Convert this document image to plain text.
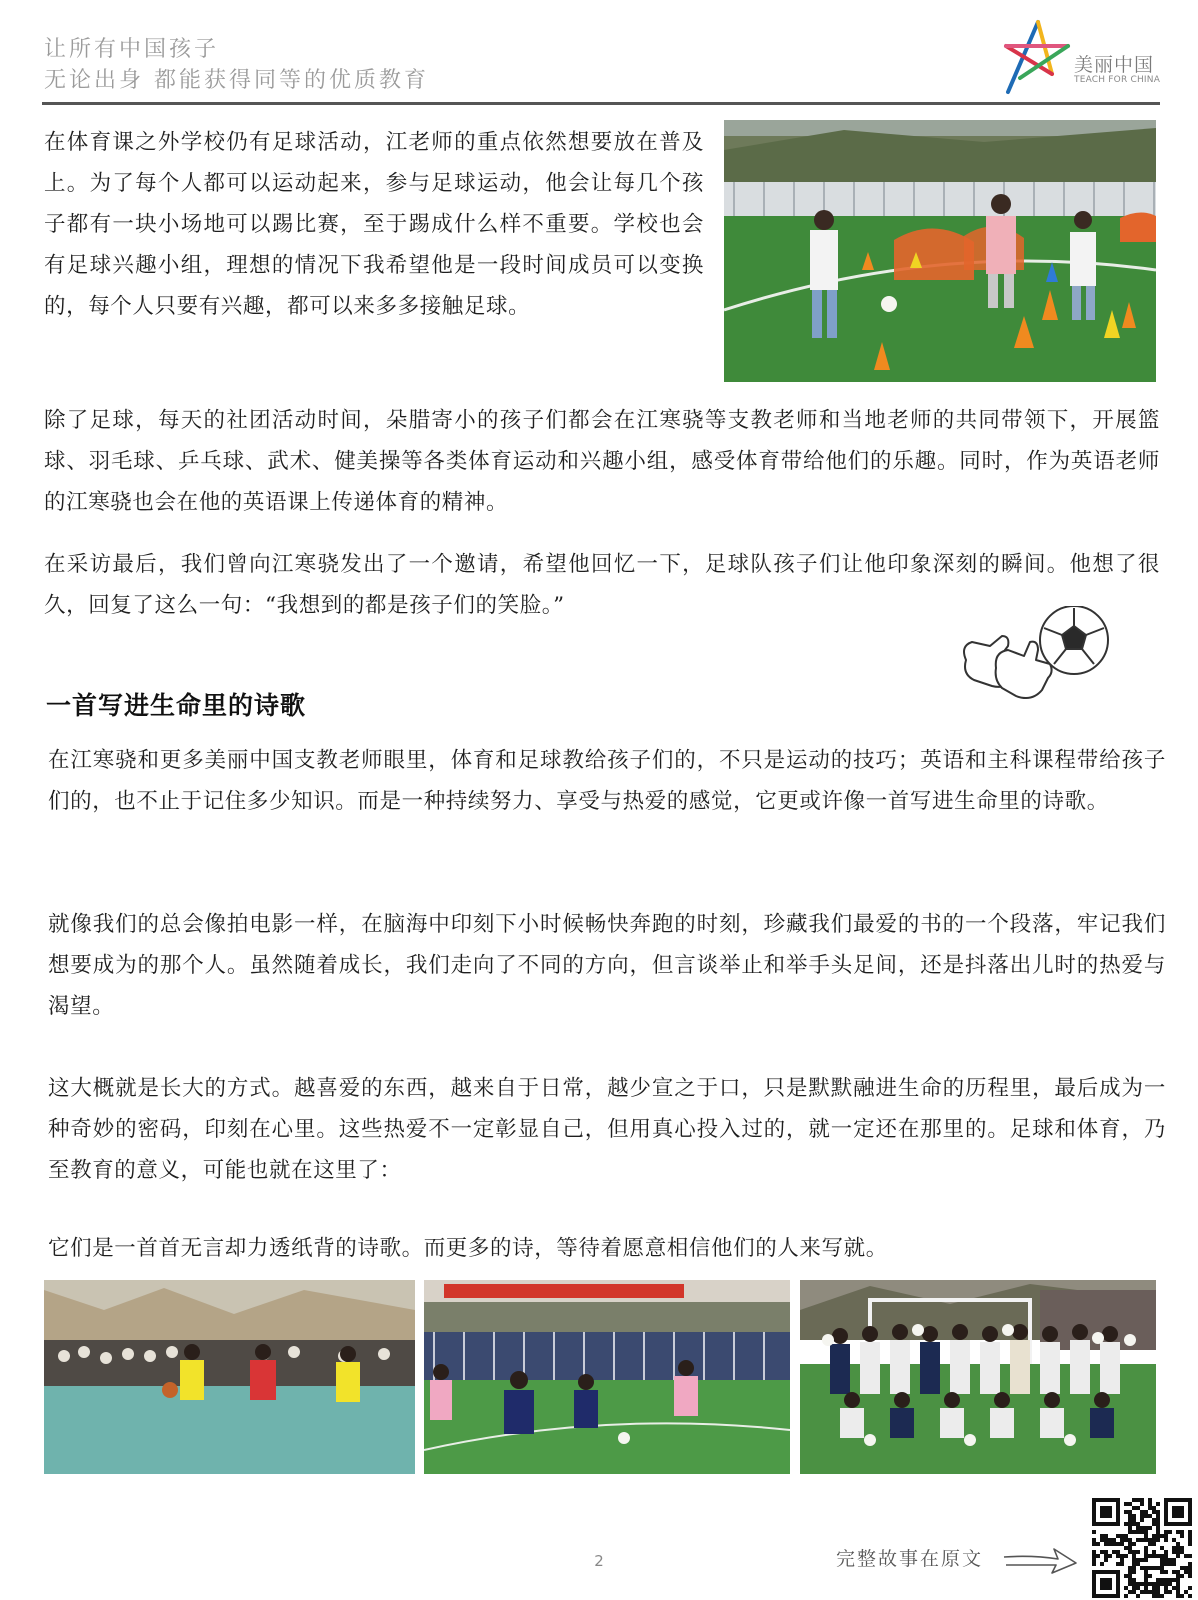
让所有中国孩子
无论出身 都能获得同等的优质教育
美丽中国
TEACH FOR CHINA
在体育课之外学校仍有足球活动，江老师的重点依然想要放在普及上。为了每个人都可以运动起来，参与足球运动，他会让每几个孩子都有一块小场地可以踢比赛，至于踢成什么样不重要。学校也会有足球兴趣小组，理想的情况下我希望他是一段时间成员可以变换的，每个人只要有兴趣，都可以来多多接触足球。
除了足球，每天的社团活动时间，朵腊寄小的孩子们都会在江寒骁等支教老师和当地老师的共同带领下，开展篮球、羽毛球、乒乓球、武术、健美操等各类体育运动和兴趣小组，感受体育带给他们的乐趣。同时，作为英语老师的江寒骁也会在他的英语课上传递体育的精神。
在采访最后，我们曾向江寒骁发出了一个邀请，希望他回忆一下，足球队孩子们让他印象深刻的瞬间。他想了很久，回复了这么一句：“我想到的都是孩子们的笑脸。”
一首写进生命里的诗歌
在江寒骁和更多美丽中国支教老师眼里，体育和足球教给孩子们的，不只是运动的技巧；英语和主科课程带给孩子们的，也不止于记住多少知识。而是一种持续努力、享受与热爱的感觉，它更或许像一首写进生命里的诗歌。
就像我们的总会像拍电影一样，在脑海中印刻下小时候畅快奔跑的时刻，珍藏我们最爱的书的一个段落，牢记我们想要成为的那个人。虽然随着成长，我们走向了不同的方向，但言谈举止和举手头足间，还是抖落出儿时的热爱与渴望。
这大概就是长大的方式。越喜爱的东西，越来自于日常，越少宣之于口，只是默默融进生命的历程里，最后成为一种奇妙的密码，印刻在心里。这些热爱不一定彰显自己，但用真心投入过的，就一定还在那里的。足球和体育，乃至教育的意义，可能也就在这里了：
它们是一首首无言却力透纸背的诗歌。而更多的诗，等待着愿意相信他们的人来写就。
2	完整故事在原文
